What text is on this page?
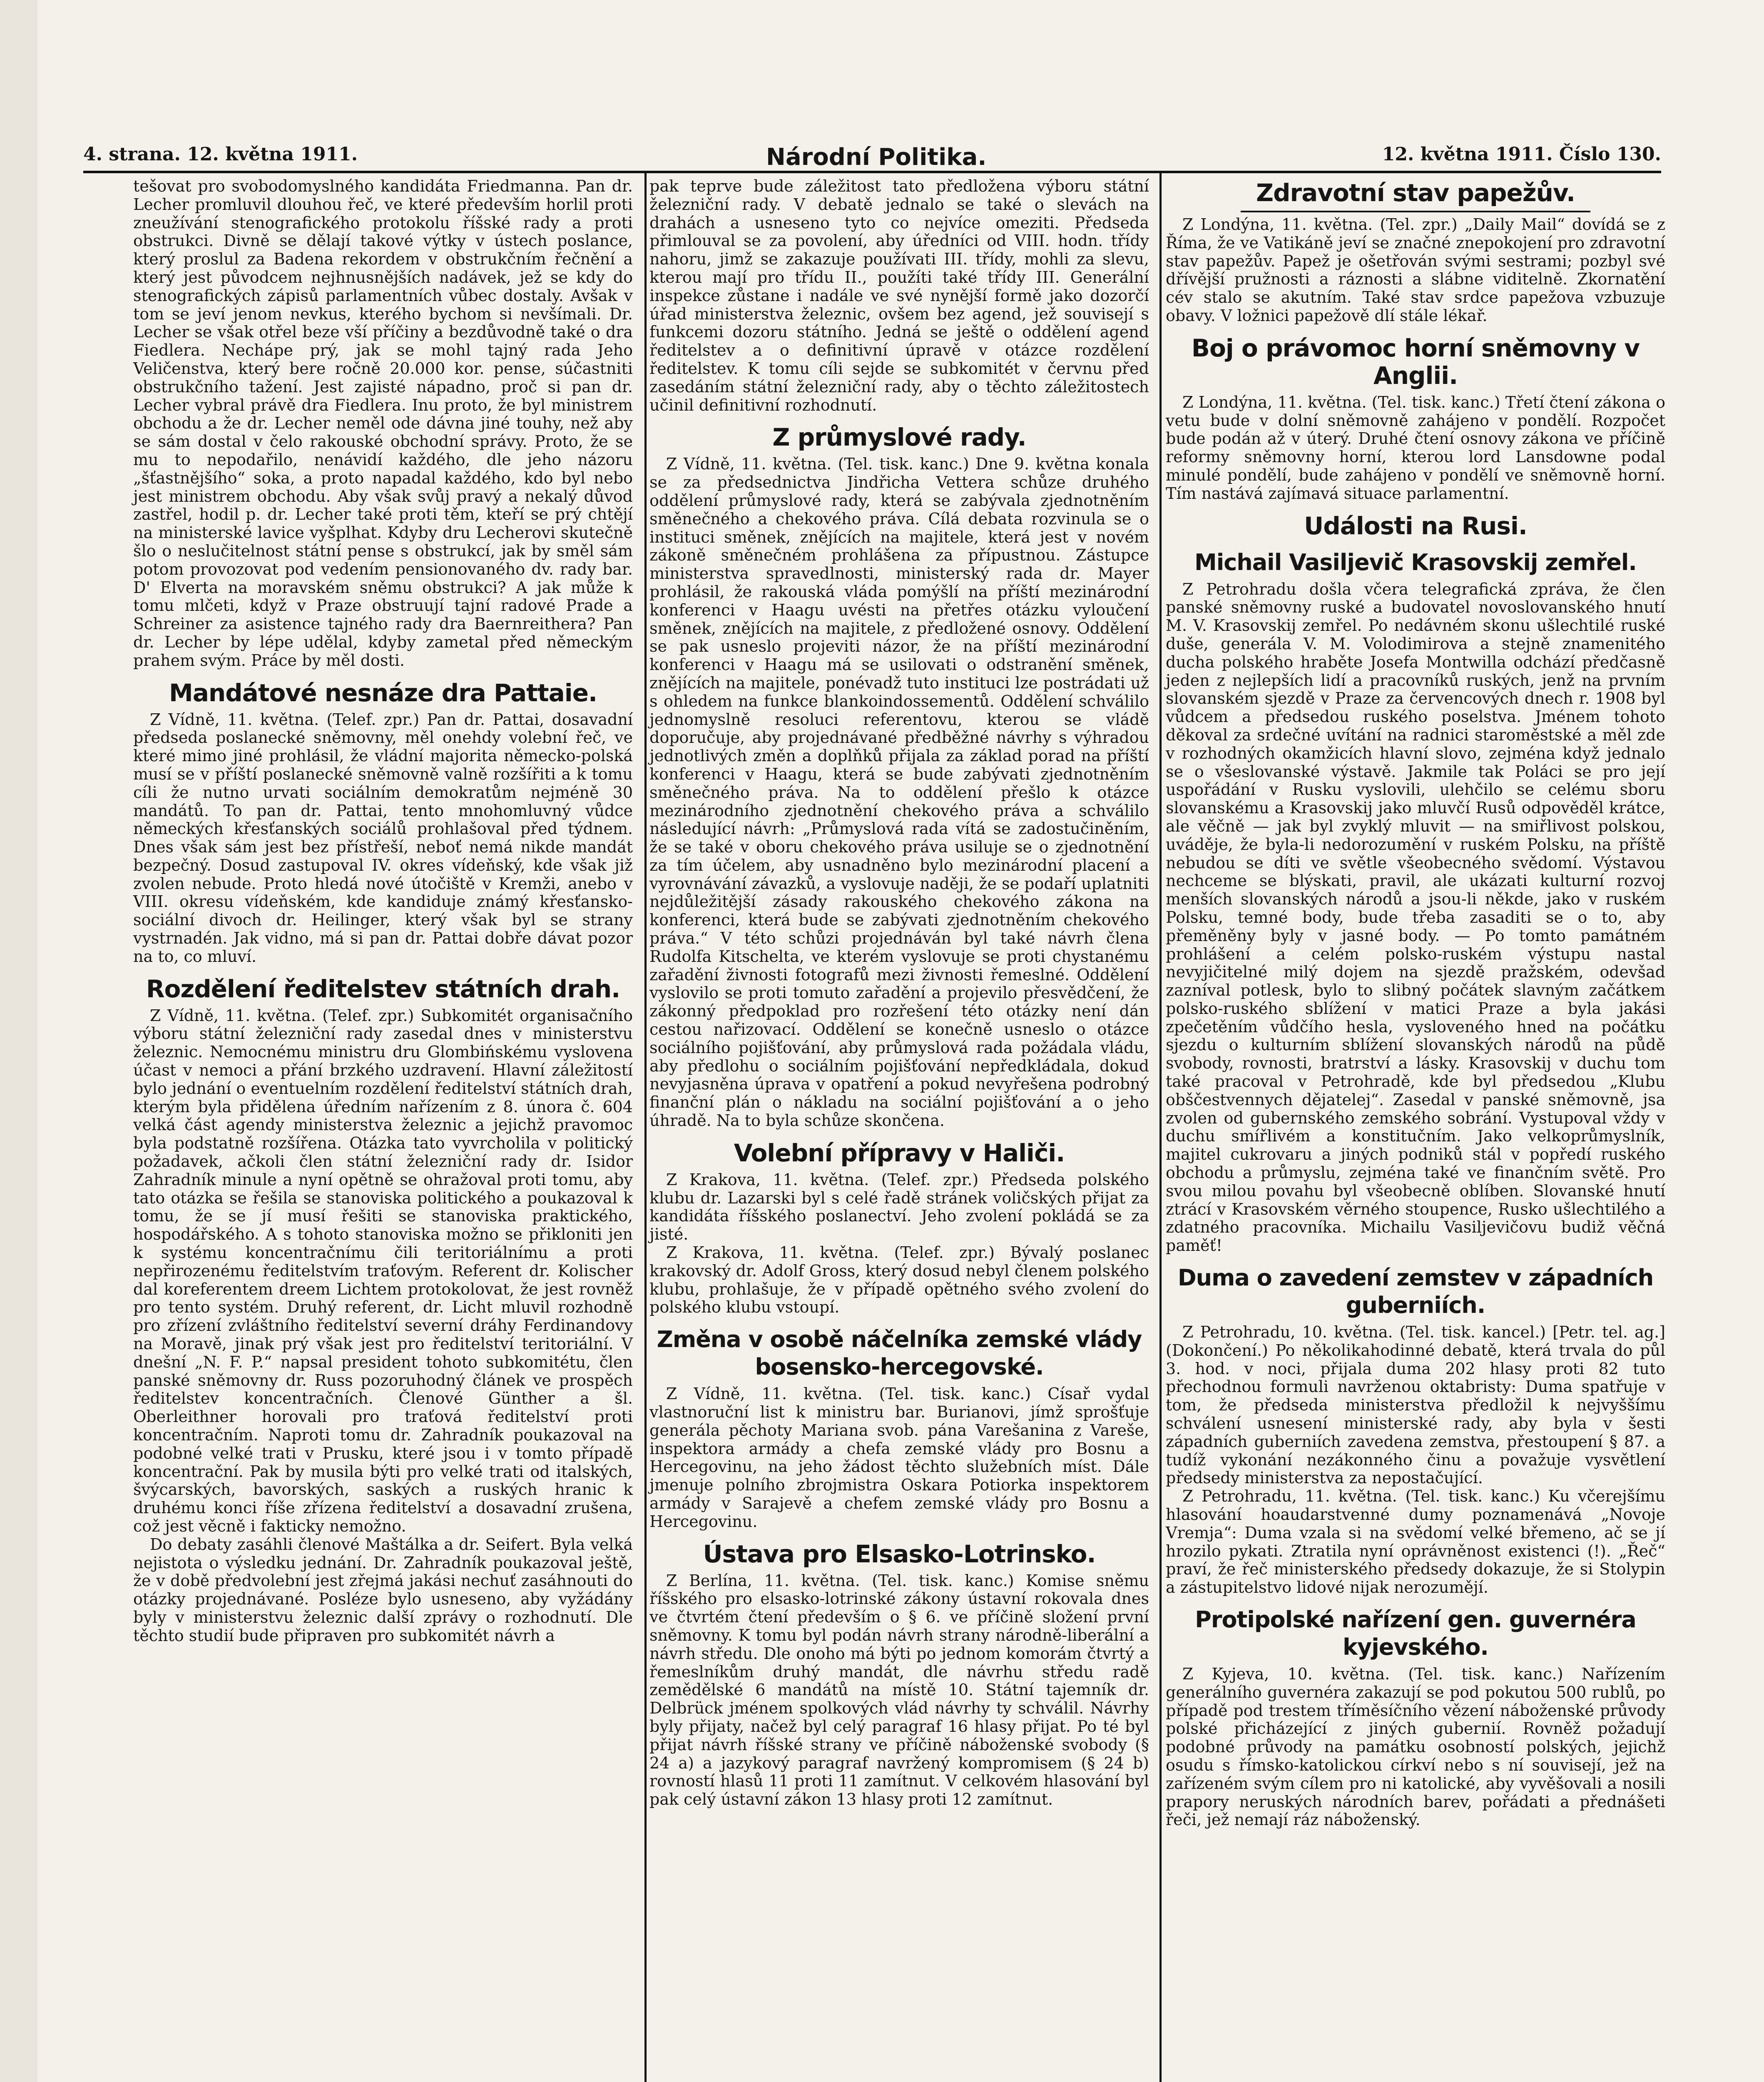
4. strana. 12. května 1911.	Národní Politika.	12. května 1911. Číslo 130.

tešovat pro svobodomyslného kandidáta Friedmanna. Pan dr. Lecher promluvil dlouhou řeč, ve které především horlil proti zneužívání stenografického protokolu říšské rady a proti obstrukci. Divně se dělají takové výtky v ústech poslance, který proslul za Badena rekordem v obstrukčním řečnění a který jest původcem nejhnusnějších nadávek, jež se kdy do stenografických zápisů parlamentních vůbec dostaly. Avšak v tom se jeví jenom nevkus, kterého bychom si nevšímali. Dr. Lecher se však otřel beze vší příčiny a bezdůvodně také o dra Fiedlera. Nechápe prý, jak se mohl tajný rada Jeho Veličenstva, který bere ročně 20.000 kor. pense, súčastniti obstrukčního tažení. Jest zajisté nápadno, proč si pan dr. Lecher vybral právě dra Fiedlera. Inu proto, že byl ministrem obchodu a že dr. Lecher neměl ode dávna jiné touhy, než aby se sám dostal v čelo rakouské obchodní správy. Proto, že se mu to nepodařilo, nenávidí každého, dle jeho názoru „šťastnějšího“ soka, a proto napadal každého, kdo byl nebo jest ministrem obchodu. Aby však svůj pravý a nekalý důvod zastřel, hodil p. dr. Lecher také proti těm, kteří se prý chtějí na ministerské lavice vyšplhat. Kdyby dru Lecherovi skutečně šlo o neslučitelnost státní pense s obstrukcí, jak by směl sám potom provozovat pod vedením pensionovaného dv. rady bar. D' Elverta na moravském sněmu obstrukci? A jak může k tomu mlčeti, když v Praze obstruují tajní radové Prade a Schreiner za asistence tajného rady dra Baernreithera? Pan dr. Lecher by lépe udělal, kdyby zametal před německým prahem svým. Práce by měl dosti.

Mandátové nesnáze dra Pattaie.

Z Vídně, 11. května. (Telef. zpr.) Pan dr. Pattai, dosavadní předseda poslanecké sněmovny, měl onehdy volební řeč, ve které mimo jiné prohlásil, že vládní majorita německo-polská musí se v příští poslanecké sněmovně valně rozšířiti a k tomu cíli že nutno urvati sociálním demokratům nejméně 30 mandátů. To pan dr. Pattai, tento mnohomluvný vůdce německých křesťanských sociálů prohlašoval před týdnem. Dnes však sám jest bez přístřeší, neboť nemá nikde mandát bezpečný. Dosud zastupoval IV. okres vídeňský, kde však již zvolen nebude. Proto hledá nové útočiště v Kremži, anebo v VIII. okresu vídeňském, kde kandiduje známý křesťansko-sociální divoch dr. Heilinger, který však byl se strany vystrnadén. Jak vidno, má si pan dr. Pattai dobře dávat pozor na to, co mluví.

Rozdělení ředitelstev státních drah.

Z Vídně, 11. května. (Telef. zpr.) Subkomitét organisačního výboru státní železniční rady zasedal dnes v ministerstvu železnic. Nemocnému ministru dru Glombińskému vyslovena účast v nemoci a přání brzkého uzdravení. Hlavní záležitostí bylo jednání o eventuelním rozdělení ředitelství státních drah, kterým byla přidělena úředním nařízením z 8. února č. 604 velká část agendy ministerstva železnic a jejichž pravomoc byla podstatně rozšířena. Otázka tato vyvrcholila v politický požadavek, ačkoli člen státní železniční rady dr. Isidor Zahradník minule a nyní opětně se ohražoval proti tomu, aby tato otázka se řešila se stanoviska politického a poukazoval k tomu, že se jí musí řešiti se stanoviska praktického, hospodářského. A s tohoto stanoviska možno se přikloniti jen k systému koncentračnímu čili teritoriálnímu a proti nepřirozenému ředitelstvím traťovým. Referent dr. Kolischer dal koreferentem dreem Lichtem protokolovat, že jest rovněž pro tento systém. Druhý referent, dr. Licht mluvil rozhodně pro zřízení zvláštního ředitelství severní dráhy Ferdinandovy na Moravě, jinak prý však jest pro ředitelství teritoriální. V dnešní „N. F. P.“ napsal president tohoto subkomitétu, člen panské sněmovny dr. Russ pozoruhodný článek ve prospěch ředitelstev koncentračních. Členové Günther a šl. Oberleithner horovali pro traťová ředitelství proti koncentračním. Naproti tomu dr. Zahradník poukazoval na podobné velké trati v Prusku, které jsou i v tomto případě koncentrační. Pak by musila býti pro velké trati od italských, švýcarských, bavorských, saských a ruských hranic k druhému konci říše zřízena ředitelství a dosavadní zrušena, což jest věcně i fakticky nemožno.

Do debaty zasáhli členové Maštálka a dr. Seifert. Byla velká nejistota o výsledku jednání. Dr. Zahradník poukazoval ještě, že v době předvolební jest zřejmá jakási nechuť zasáhnouti do otázky projednávané. Posléze bylo usneseno, aby vyžádány byly v ministerstvu železnic další zprávy o rozhodnutí. Dle těchto studií bude připraven pro subkomitét návrh a

pak teprve bude záležitost tato předložena výboru státní železniční rady. V debatě jednalo se také o slevách na drahách a usneseno tyto co nejvíce omeziti. Předseda přimlouval se za povolení, aby úředníci od VIII. hodn. třídy nahoru, jimž se zakazuje používati III. třídy, mohli za slevu, kterou mají pro třídu II., použíti také třídy III. Generální inspekce zůstane i nadále ve své nynější formě jako dozorčí úřad ministerstva železnic, ovšem bez agend, jež souvisejí s funkcemi dozoru státního. Jedná se ještě o oddělení agend ředitelstev a o definitivní úpravě v otázce rozdělení ředitelstev. K tomu cíli sejde se subkomitét v červnu před zasedáním státní železniční rady, aby o těchto záležitostech učinil definitivní rozhodnutí.

Z průmyslové rady.

Z Vídně, 11. května. (Tel. tisk. kanc.) Dne 9. května konala se za předsednictva Jindřicha Vettera schůze druhého oddělení průmyslové rady, která se zabývala zjednotněním směnečného a chekového práva. Cílá debata rozvinula se o instituci směnek, znějících na majitele, která jest v novém zákoně směnečném prohlášena za přípustnou. Zástupce ministerstva spravedlnosti, ministerský rada dr. Mayer prohlásil, že rakouská vláda pomýšlí na příští mezinárodní konferenci v Haagu uvésti na přetřes otázku vyloučení směnek, znějících na majitele, z předložené osnovy. Oddělení se pak usneslo projeviti názor, že na příští mezinárodní konferenci v Haagu má se usilovati o odstranění směnek, znějících na majitele, ponévadž tuto instituci lze postrádati už s ohledem na funkce blankoindossementů. Oddělení schválilo jednomyslně resoluci referentovu, kterou se vládě doporučuje, aby projednávané předběžné návrhy s výhradou jednotlivých změn a doplňků přijala za základ porad na příští konferenci v Haagu, která se bude zabývati zjednotněním směnečného práva. Na to oddělení přešlo k otázce mezinárodního zjednotnění chekového práva a schválilo následující návrh: „Průmyslová rada vítá se zadostučiněním, že se také v oboru chekového práva usiluje se o zjednotnění za tím účelem, aby usnadněno bylo mezinárodní placení a vyrovnávání závazků, a vyslovuje naději, že se podaří uplatniti nejdůležitější zásady rakouského chekového zákona na konferenci, která bude se zabývati zjednotněním chekového práva.“ V této schůzi projednáván byl také návrh člena Rudolfa Kitschelta, ve kterém vyslovuje se proti chystanému zařadění živnosti fotografů mezi živnosti řemeslné. Oddělení vyslovilo se proti tomuto zařadění a projevilo přesvědčení, že zákonný předpoklad pro rozřešení této otázky není dán cestou nařizovací. Oddělení se konečně usneslo o otázce sociálního pojišťování, aby průmyslová rada požádala vládu, aby předlohu o sociálním pojišťování nepředkládala, dokud nevyjasněna úprava v opatření a pokud nevyřešena podrobný finanční plán o nákladu na sociální pojišťování a o jeho úhradě. Na to byla schůze skončena.

Volební přípravy v Haliči.

Z Krakova, 11. května. (Telef. zpr.) Předseda polského klubu dr. Lazarski byl s celé řadě stránek voličských přijat za kandidáta říšského poslanectví. Jeho zvolení pokládá se za jisté.

Z Krakova, 11. května. (Telef. zpr.) Bývalý poslanec krakovský dr. Adolf Gross, který dosud nebyl členem polského klubu, prohlašuje, že v případě opětného svého zvolení do polského klubu vstoupí.

Změna v osobě náčelníka zemské vlády bosensko-hercegovské.

Z Vídně, 11. května. (Tel. tisk. kanc.) Císař vydal vlastnoruční list k ministru bar. Burianovi, jímž sprošťuje generála pěchoty Mariana svob. pána Varešanina z Vareše, inspektora armády a chefa zemské vlády pro Bosnu a Hercegovinu, na jeho žádost těchto služebních míst. Dále jmenuje polního zbrojmistra Oskara Potiorka inspektorem armády v Sarajevě a chefem zemské vlády pro Bosnu a Hercegovinu.

Ústava pro Elsasko-Lotrinsko.

Z Berlína, 11. května. (Tel. tisk. kanc.) Komise sněmu říšského pro elsasko-lotrinské zákony ústavní rokovala dnes ve čtvrtém čtení především o § 6. ve příčině složení první sněmovny. K tomu byl podán návrh strany národně-liberální a návrh středu. Dle onoho má býti po jednom komorám čtvrtý a řemeslníkům druhý mandát, dle návrhu středu radě zemědělské 6 mandátů na místě 10. Státní tajemník dr. Delbrück jménem spolkových vlád návrhy ty schválil. Návrhy byly přijaty, načež byl celý paragraf 16 hlasy přijat. Po té byl přijat návrh říšské strany ve příčině náboženské svobody (§ 24 a) a jazykový paragraf navržený kompromisem (§ 24 b) rovností hlasů 11 proti 11 zamítnut. V celkovém hlasování byl pak celý ústavní zákon 13 hlasy proti 12 zamítnut.

Zdravotní stav papežův.

Z Londýna, 11. května. (Tel. zpr.) „Daily Mail“ dovídá se z Říma, že ve Vatikáně jeví se značné znepokojení pro zdravotní stav papežův. Papež je ošetřován svými sestrami; pozbyl své dřívější pružnosti a ráznosti a slábne viditelně. Zkornatění cév stalo se akutním. Také stav srdce papežova vzbuzuje obavy. V ložnici papežově dlí stále lékař.

Boj o právomoc horní sněmovny v Anglii.

Z Londýna, 11. května. (Tel. tisk. kanc.) Třetí čtení zákona o vetu bude v dolní sněmovně zahájeno v pondělí. Rozpočet bude podán až v úterý. Druhé čtení osnovy zákona ve příčině reformy sněmovny horní, kterou lord Lansdowne podal minulé pondělí, bude zahájeno v pondělí ve sněmovně horní. Tím nastává zajímavá situace parlamentní.

Události na Rusi.
Michail Vasiljevič Krasovskij zemřel.

Z Petrohradu došla včera telegrafická zpráva, že člen panské sněmovny ruské a budovatel novoslovanského hnutí M. V. Krasovskij zemřel. Po nedávném skonu ušlechtilé ruské duše, generála V. M. Volodimirova a stejně znamenitého ducha polského hraběte Josefa Montwilla odchází předčasně jeden z nejlepších lidí a pracovníků ruských, jenž na prvním slovanském sjezdě v Praze za červencových dnech r. 1908 byl vůdcem a předsedou ruského poselstva. Jménem tohoto děkoval za srdečné uvítání na radnici staroměstské a měl zde v rozhodných okamžicích hlavní slovo, zejména když jednalo se o všeslovanské výstavě. Jakmile tak Poláci se pro její uspořádání v Rusku vyslovili, ulehčilo se celému sboru slovanskému a Krasovskij jako mluvčí Rusů odpověděl krátce, ale věčně — jak byl zvyklý mluvit — na smiřlivost polskou, uváděje, že byla-li nedorozumění v ruském Polsku, na příště nebudou se díti ve světle všeobecného svědomí. Výstavou nechceme se blýskati, pravil, ale ukázati kulturní rozvoj menších slovanských národů a jsou-li někde, jako v ruském Polsku, temné body, bude třeba zasaditi se o to, aby přeměněny byly v jasné body. — Po tomto památném prohlášení a celém polsko-ruském výstupu nastal nevyjičitelné milý dojem na sjezdě pražském, odevšad zazníval potlesk, bylo to slibný počátek slavným začátkem polsko-ruského sblížení v matici Praze a byla jakási zpečetěním vůdčího hesla, vysloveného hned na počátku sjezdu o kulturním sblížení slovanských národů na půdě svobody, rovnosti, bratrství a lásky. Krasovskij v duchu tom také pracoval v Petrohradě, kde byl předsedou „Klubu obščestvennych dějatelej“. Zasedal v panské sněmovně, jsa zvolen od gubernského zemského sobrání. Vystupoval vždy v duchu smířlivém a konstitučním. Jako velkoprůmyslník, majitel cukrovaru a jiných podniků stál v popředí ruského obchodu a průmyslu, zejména také ve finančním světě. Pro svou milou povahu byl všeobecně oblíben. Slovanské hnutí ztrácí v Krasovském věrného stoupence, Rusko ušlechtilého a zdatného pracovníka. Michailu Vasiljevičovu budiž věčná paměť!

Duma o zavedení zemstev v západních guberniích.

Z Petrohradu, 10. května. (Tel. tisk. kancel.) [Petr. tel. ag.] (Dokončení.) Po několikahodinné debatě, která trvala do půl 3. hod. v noci, přijala duma 202 hlasy proti 82 tuto přechodnou formuli navrženou oktabristy: Duma spatřuje v tom, že předseda ministerstva předložil k nejvyššímu schválení usnesení ministerské rady, aby byla v šesti západních guberniích zavedena zemstva, přestoupení § 87. a tudíž vykonání nezákonného činu a považuje vysvětlení předsedy ministerstva za nepostačující.

Z Petrohradu, 11. května. (Tel. tisk. kanc.) Ku včerejšímu hlasování hoaudarstvenné dumy poznamenává „Novoje Vremja“: Duma vzala si na svědomí velké břemeno, ač se jí hrozilo pykati. Ztratila nyní oprávněnost existenci (!). „Řeč“ praví, že řeč ministerského předsedy dokazuje, že si Stolypin a zástupitelstvo lidové nijak nerozumějí.

Protipolské nařízení gen. guvernéra kyjevského.

Z Kyjeva, 10. května. (Tel. tisk. kanc.) Nařízením generálního guvernéra zakazují se pod pokutou 500 rublů, po případě pod trestem tříměsíčního vězení náboženské průvody polské přicházející z jiných gubernií. Rovněž požadují podobné průvody na památku osobností polských, jejichž osudu s římsko-katolickou církví nebo s ní souvisejí, jež na zařízeném svým cílem pro ni katolické, aby vyvěšovali a nosili prapory neruských národních barev, pořádati a přednášeti řeči, jež nemají ráz náboženský.
